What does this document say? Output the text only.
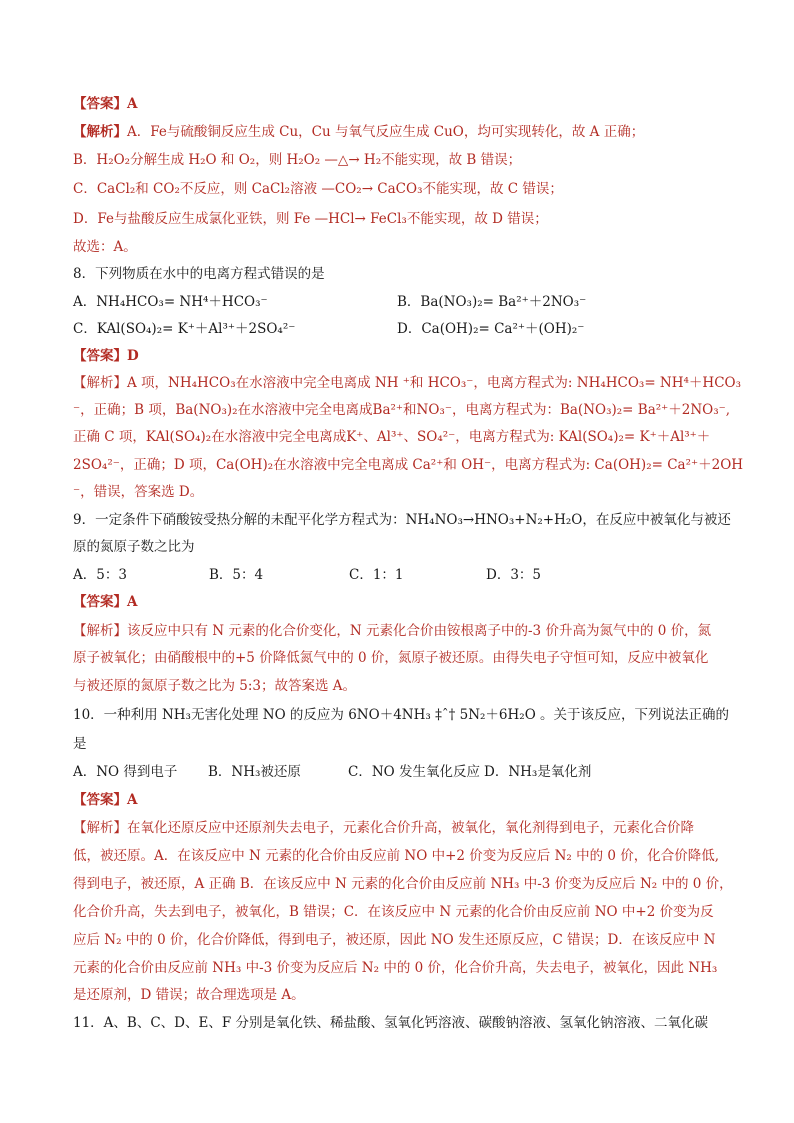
【答案】A
【解析】A．Fe与硫酸铜反应生成 Cu，Cu 与氧气反应生成 CuO，均可实现转化，故 A 正确；
B．H₂O₂分解生成 H₂O 和 O₂，则 H₂O₂ —△→ H₂不能实现，故 B 错误；
C．CaCl₂和 CO₂不反应，则 CaCl₂溶液 —CO₂→ CaCO₃不能实现，故 C 错误；
D．Fe与盐酸反应生成氯化亚铁，则 Fe —HCl→ FeCl₃不能实现，故 D 错误；
故选：A。
8．下列物质在水中的电离方程式错误的是
A．NH₄HCO₃= NH⁴＋HCO₃⁻	B．Ba(NO₃)₂= Ba²⁺＋2NO₃⁻
C．KAl(SO₄)₂= K⁺＋Al³⁺＋2SO₄²⁻	D．Ca(OH)₂= Ca²⁺＋(OH)₂⁻
【答案】D
【解析】A 项，NH₄HCO₃在水溶液中完全电离成 NH ⁺和 HCO₃⁻，电离方程式为: NH₄HCO₃= NH⁴＋HCO₃
⁻，正确；B 项，Ba(NO₃)₂在水溶液中完全电离成Ba²⁺和NO₃⁻，电离方程式为：Ba(NO₃)₂= Ba²⁺＋2NO₃⁻,
正确 C 项，KAl(SO₄)₂在水溶液中完全电离成K⁺、Al³⁺、SO₄²⁻，电离方程式为: KAl(SO₄)₂= K⁺＋Al³⁺＋
2SO₄²⁻，正确；D 项，Ca(OH)₂在水溶液中完全电离成 Ca²⁺和 OH⁻，电离方程式为: Ca(OH)₂= Ca²⁺＋2OH
⁻，错误，答案选 D。
9．一定条件下硝酸铵受热分解的未配平化学方程式为：NH₄NO₃→HNO₃+N₂+H₂O，在反应中被氧化与被还
原的氮原子数之比为
A．5：3	B．5：4	C．1：1	D．3：5
【答案】A
【解析】该反应中只有 N 元素的化合价变化，N 元素化合价由铵根离子中的-3 价升高为氮气中的 0 价，氮
原子被氧化；由硝酸根中的+5 价降低氮气中的 0 价，氮原子被还原。由得失电子守恒可知，反应中被氧化
与被还原的氮原子数之比为 5:3；故答案选 A。
10．一种利用 NH₃无害化处理 NO 的反应为 6NO＋4NH₃ ‡ˆ† 5N₂＋6H₂O 。关于该反应，下列说法正确的
是
A．NO 得到电子 B．NH₃被还原	C．NO 发生氧化反应 D．NH₃是氧化剂
【答案】A
【解析】在氧化还原反应中还原剂失去电子，元素化合价升高，被氧化，氧化剂得到电子，元素化合价降
低，被还原。A．在该反应中 N 元素的化合价由反应前 NO 中+2 价变为反应后 N₂ 中的 0 价，化合价降低,
得到电子，被还原，A 正确 B．在该反应中 N 元素的化合价由反应前 NH₃ 中-3 价变为反应后 N₂ 中的 0 价，
化合价升高，失去到电子，被氧化，B 错误；C．在该反应中 N 元素的化合价由反应前 NO 中+2 价变为反
应后 N₂ 中的 0 价，化合价降低，得到电子，被还原，因此 NO 发生还原反应，C 错误；D．在该反应中 N
元素的化合价由反应前 NH₃ 中-3 价变为反应后 N₂ 中的 0 价，化合价升高，失去电子，被氧化，因此 NH₃
是还原剂，D 错误；故合理选项是 A。
11．A、B、C、D、E、F 分别是氧化铁、稀盐酸、氢氧化钙溶液、碳酸钠溶液、氢氧化钠溶液、二氧化碳
